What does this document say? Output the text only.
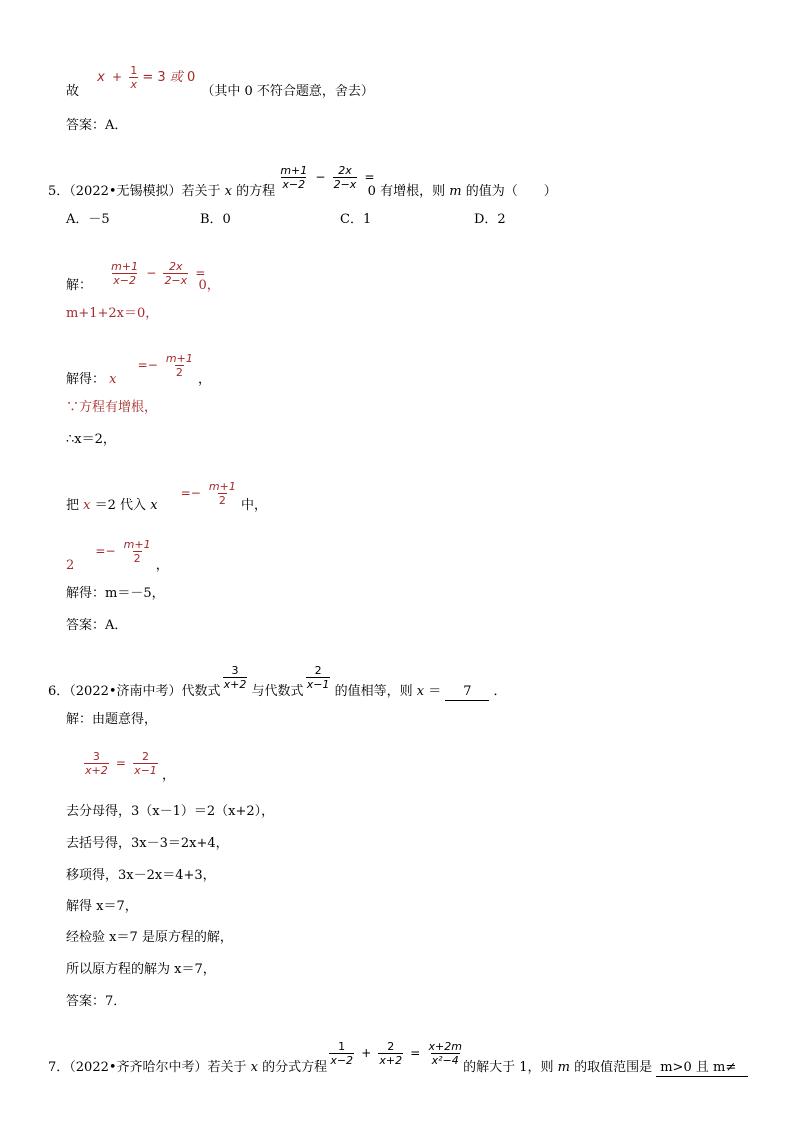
故 $x + \frac{1}{x} = 3$ 或 0 （其中 0 不符合题意，舍去）
答案：A．
5．（2022•无锡模拟）若关于 x 的方程
$\frac{m+1}{x-2} - \frac{2x}{2-x} = 0$ 有增根，则 m 的值为（　　）
A．－5	B．0	C．1	D．2
解： $\frac{m+1}{x-2} - \frac{2x}{2-x} = 0$，
m+1+2x＝0，
解得： $x =- \frac{m+1}{2}$
，
∵方程有增根，
∴x＝2，
把 x ＝2 代入 $x =- \frac{m+1}{2}$ 中，
$2 =- \frac{m+1}{2}$
，
解得：m＝－5，
答案：A．
6．（2022•济南中考）代数式
$\frac{3}{x+2}$
与代数式
$\frac{2}{x-1}$
的值相等，则 x ＝ 7 ．
解：由题意得，
$\frac{3}{x+2} = \frac{2}{x-1}$ ，
去分母得，3（x－1）＝2（x+2），
去括号得，3x－3＝2x+4，
移项得，3x－2x＝4+3，
解得 x＝7，
经检验 x＝7 是原方程的解，
所以原方程的解为 x＝7，
答案：7．
7．（2022•齐齐哈尔中考）若关于 x 的分式方程
$\frac{1}{x-2} + \frac{2}{x+2} = \frac{x+2m}{\text{x²−4}}$
的解大于 1，则 m 的取值范围是 m>0 且 m≠
